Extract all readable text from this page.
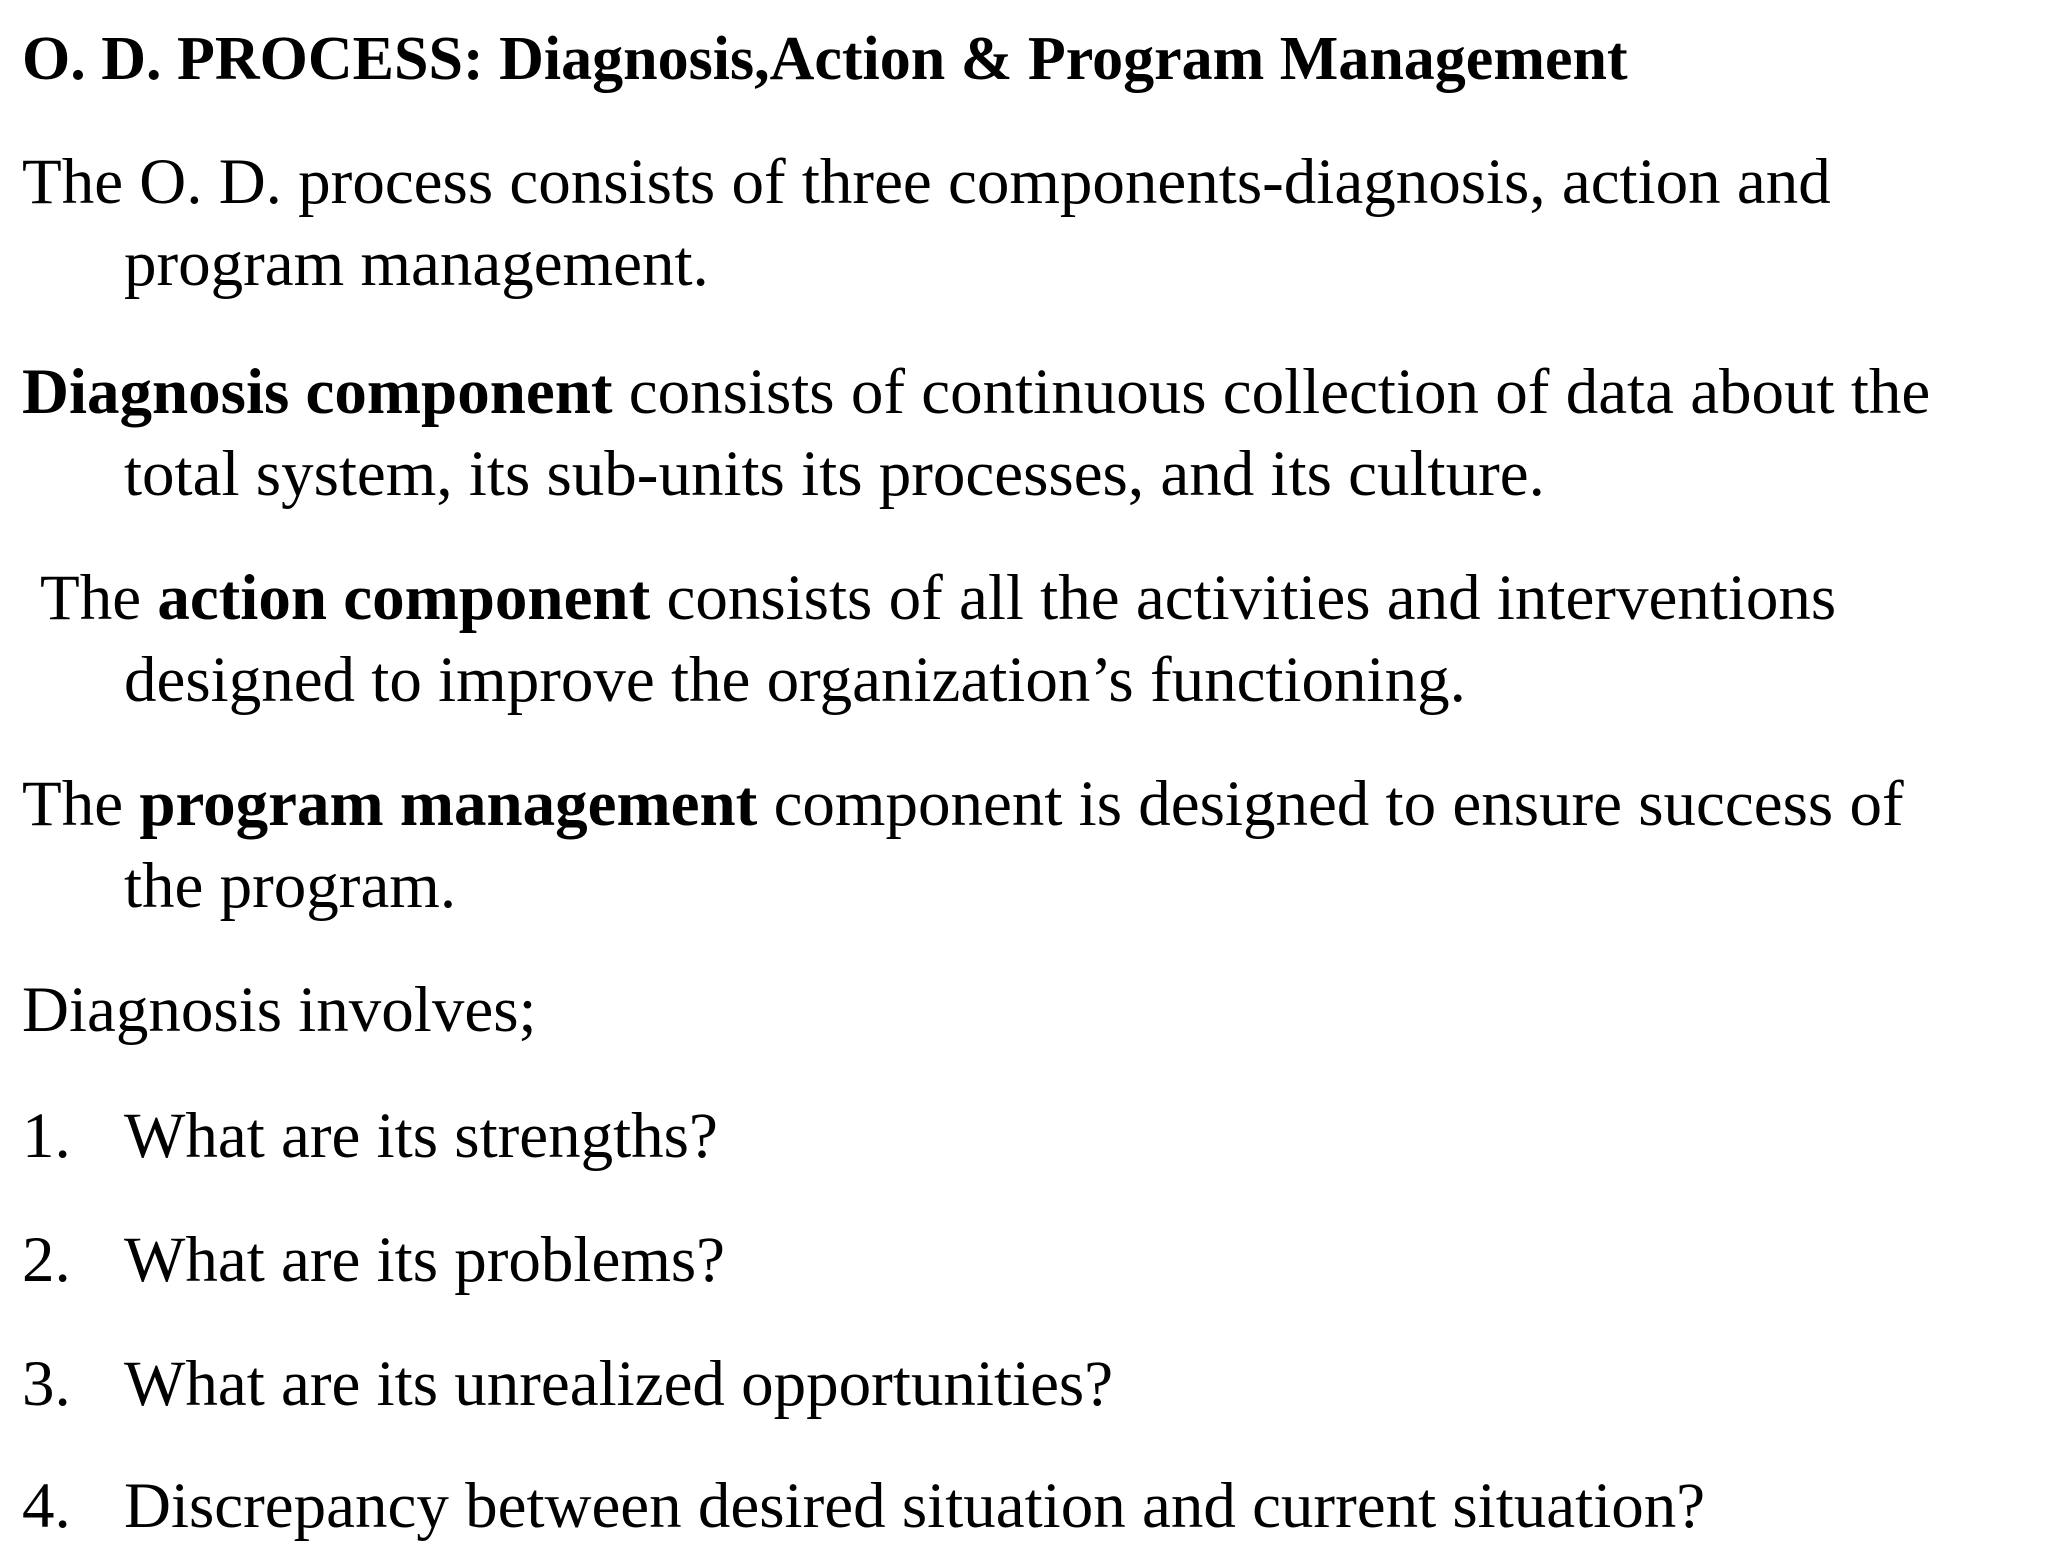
O. D. PROCESS: Diagnosis,Action & Program Management
The O. D. process consists of three components-diagnosis, action and
program management.
Diagnosis component consists of continuous collection of data about the
total system, its sub-units its processes, and its culture.
The action component consists of all the activities and interventions
designed to improve the organization’s functioning.
The program management component is designed to ensure success of
the program.
Diagnosis involves;
1. What are its strengths?
2. What are its problems?
3. What are its unrealized opportunities?
4. Discrepancy between desired situation and current situation?
